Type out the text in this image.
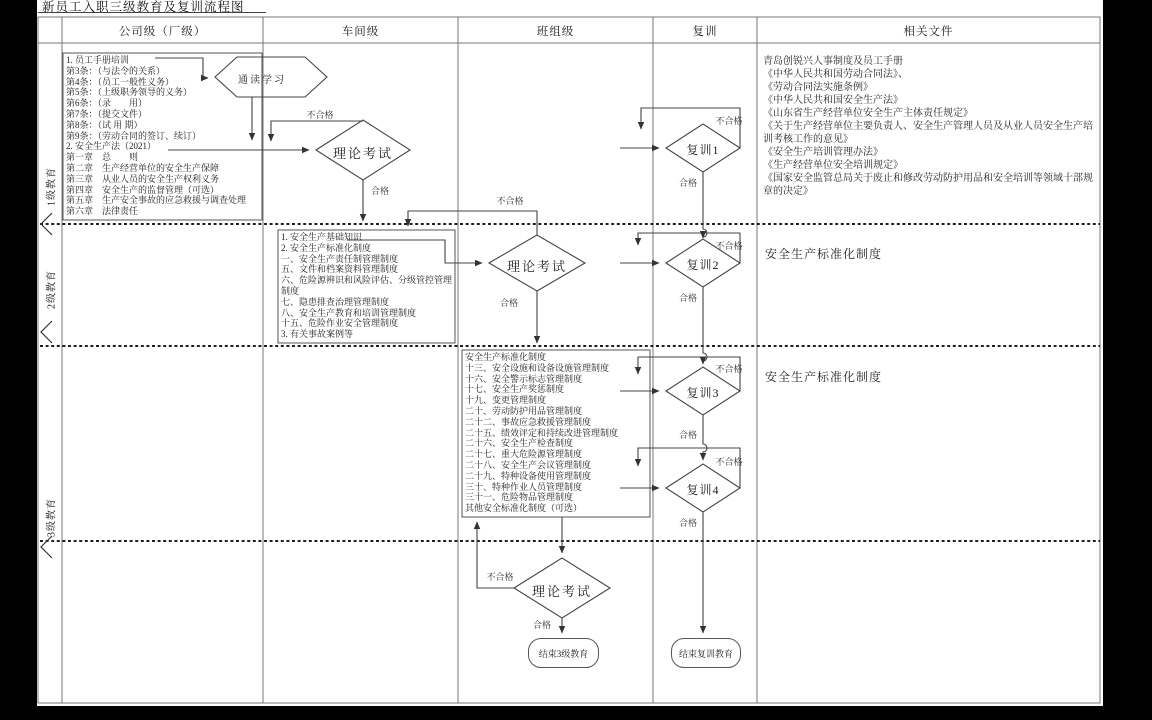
新员工入职三级教育及复训流程图
公司级（厂级）	车间级	班组级	复训	相关文件
1级教育
2级教育
3级教育
1. 员工手册培训
第3条：（与法令的关系）
第4条：（员工一般性义务）
第5条：（上级职务领导的义务）
第6条：（录　　用）
第7条：（提交文件）
第8条：（试 用 期）
第9条：（劳动合同的签订、续订）
2. 安全生产法（2021）
第一章　总　　则
第二章　生产经营单位的安全生产保障
第三章　从业人员的安全生产权利义务
第四章　安全生产的监督管理（可选）
第五章　生产安全事故的应急救援与调查处理
第六章　法律责任
1. 安全生产基础知识
2. 安全生产标准化制度
一、安全生产责任制管理制度
五、文件和档案资料管理制度
六、危险源辨识和风险评估、分级管控管理制度
七、隐患排查治理管理制度
八、安全生产教育和培训管理制度
十五、危险作业安全管理制度
3. 有关事故案例等
安全生产标准化制度
十三、安全设施和设备设施管理制度
十六、安全警示标志管理制度
十七、安全生产奖惩制度
十九、变更管理制度
二十、劳动防护用品管理制度
二十二、事故应急救援管理制度
二十五、绩效评定和持续改进管理制度
二十六、安全生产检查制度
二十七、重大危险源管理制度
二十八、安全生产会议管理制度
二十九、特种设备使用管理制度
三十、特种作业人员管理制度
三十一、危险物品管理制度
其他安全标准化制度（可选）
青岛创锐兴人事制度及员工手册
《中华人民共和国劳动合同法》、
《劳动合同法实施条例》
《中华人民共和国安全生产法》
《山东省生产经营单位安全生产主体责任规定》
《关于生产经营单位主要负责人、安全生产管理人员及从业人员安全生产培训考核工作的意见》
《安全生产培训管理办法》
《生产经营单位安全培训规定》
《国家安全监管总局关于废止和修改劳动防护用品和安全培训等领域十部规章的决定》
安全生产标准化制度
安全生产标准化制度
通读学习
理论考试
理论考试
理论考试
复训1
复训2
复训3
复训4
不合格
合格
不合格
合格
不合格
合格
不合格
合格
不合格
合格
不合格
合格
不合格
合格
结束3级教育	结束复训教育
